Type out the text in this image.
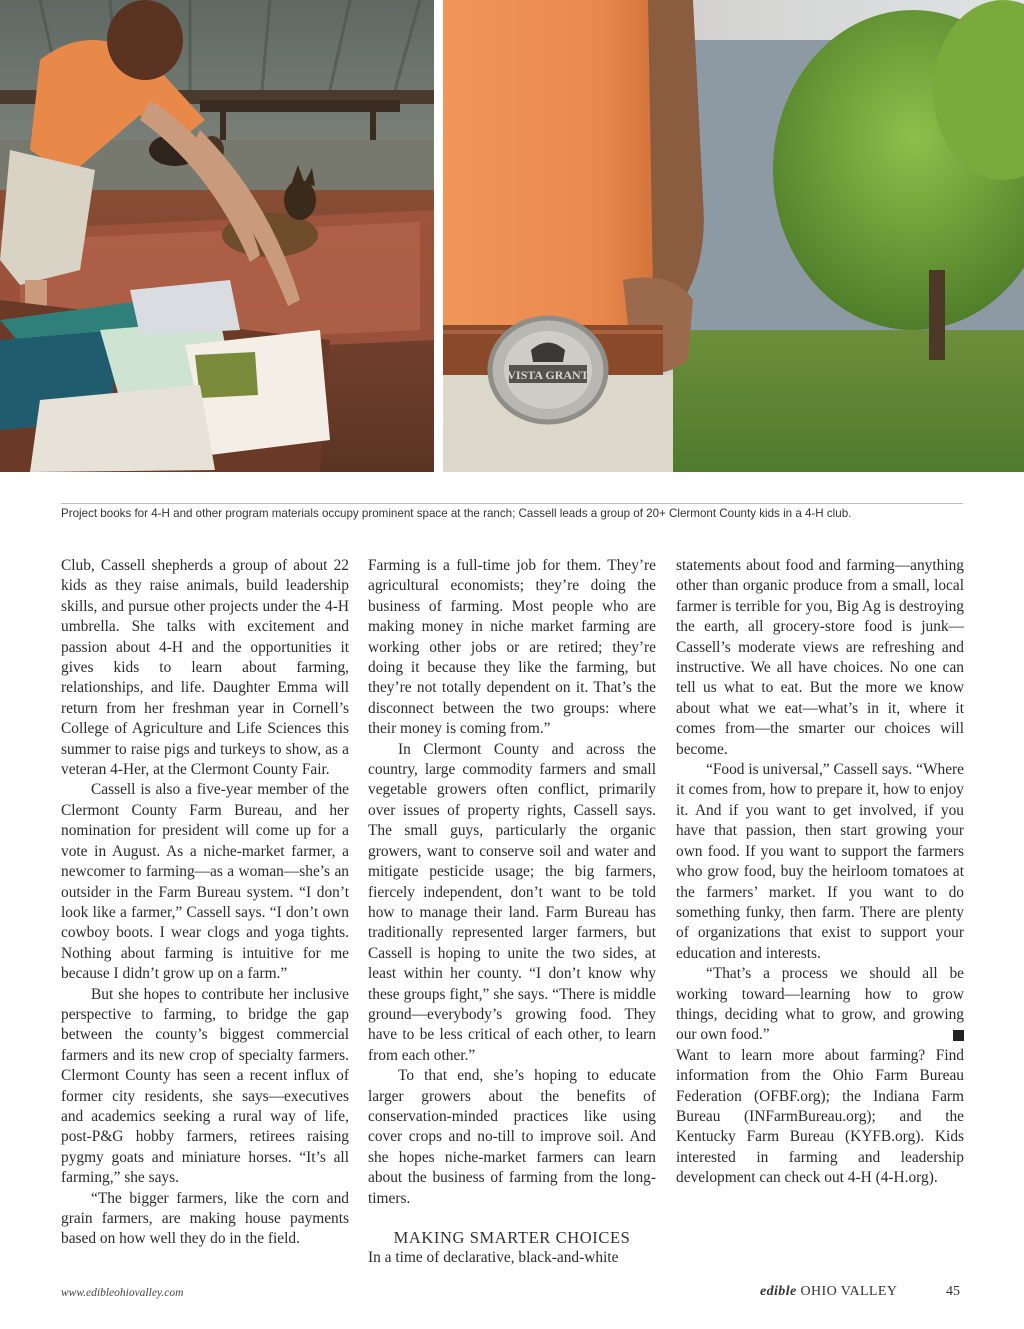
VISTA GRANT
Project books for 4-H and other program materials occupy prominent space at the ranch; Cassell leads a group of 20+ Clermont County kids in a 4-H club.

Club, Cassell shepherds a group of about 22 kids as they raise animals, build leadership skills, and pursue other projects under the 4-H umbrella. She talks with excitement and passion about 4-H and the opportunities it gives kids to learn about farming, relationships, and life. Daughter Emma will return from her freshman year in Cornell’s College of Agriculture and Life Sciences this summer to raise pigs and turkeys to show, as a veteran 4-Her, at the Clermont County Fair.

Cassell is also a five-year member of the Clermont County Farm Bureau, and her nomination for president will come up for a vote in August. As a niche-market farmer, a newcomer to farming—as a woman—she’s an outsider in the Farm Bureau system. “I don’t look like a farmer,” Cassell says. “I don’t own cowboy boots. I wear clogs and yoga tights. Nothing about farming is intuitive for me because I didn’t grow up on a farm.”

But she hopes to contribute her inclusive perspective to farming, to bridge the gap between the county’s biggest commercial farmers and its new crop of specialty farmers. Clermont County has seen a recent influx of former city residents, she says—executives and academics seeking a rural way of life, post-P&G hobby farmers, retirees raising pygmy goats and miniature horses. “It’s all farming,” she says.

“The bigger farmers, like the corn and grain farmers, are making house payments based on how well they do in the field.

Farming is a full-time job for them. They’re agricultural economists; they’re doing the business of farming. Most people who are making money in niche market farming are working other jobs or are retired; they’re doing it because they like the farming, but they’re not totally dependent on it. That’s the disconnect between the two groups: where their money is coming from.”

In Clermont County and across the country, large commodity farmers and small vegetable growers often conflict, primarily over issues of property rights, Cassell says. The small guys, particularly the organic growers, want to conserve soil and water and mitigate pesticide usage; the big farmers, fiercely independent, don’t want to be told how to manage their land. Farm Bureau has traditionally represented larger farmers, but Cassell is hoping to unite the two sides, at least within her county. “I don’t know why these groups fight,” she says. “There is middle ground—everybody’s growing food. They have to be less critical of each other, to learn from each other.”

To that end, she’s hoping to educate larger growers about the benefits of conservation-minded practices like using cover crops and no-till to improve soil. And she hopes niche-market farmers can learn about the business of farming from the long-timers.

MAKING SMARTER CHOICES

In a time of declarative, black-and-white

statements about food and farming—anything other than organic produce from a small, local farmer is terrible for you, Big Ag is destroying the earth, all grocery-store food is junk—Cassell’s moderate views are refreshing and instructive. We all have choices. No one can tell us what to eat. But the more we know about what we eat—what’s in it, where it comes from—the smarter our choices will become.

“Food is universal,” Cassell says. “Where it comes from, how to prepare it, how to enjoy it. And if you want to get involved, if you have that passion, then start growing your own food. If you want to support the farmers who grow food, buy the heirloom tomatoes at the farmers’ market. If you want to do something funky, then farm. There are plenty of organizations that exist to support your education and interests.

“That’s a process we should all be working toward—learning how to grow things, deciding what to grow, and growing our own food.”

Want to learn more about farming? Find information from the Ohio Farm Bureau Federation (OFBF.org); the Indiana Farm Bureau (INFarmBureau.org); and the Kentucky Farm Bureau (KYFB.org). Kids interested in farming and leadership development can check out 4-H (4-H.org).

www.edibleohiovalley.com	edible OHIO VALLEY	45
